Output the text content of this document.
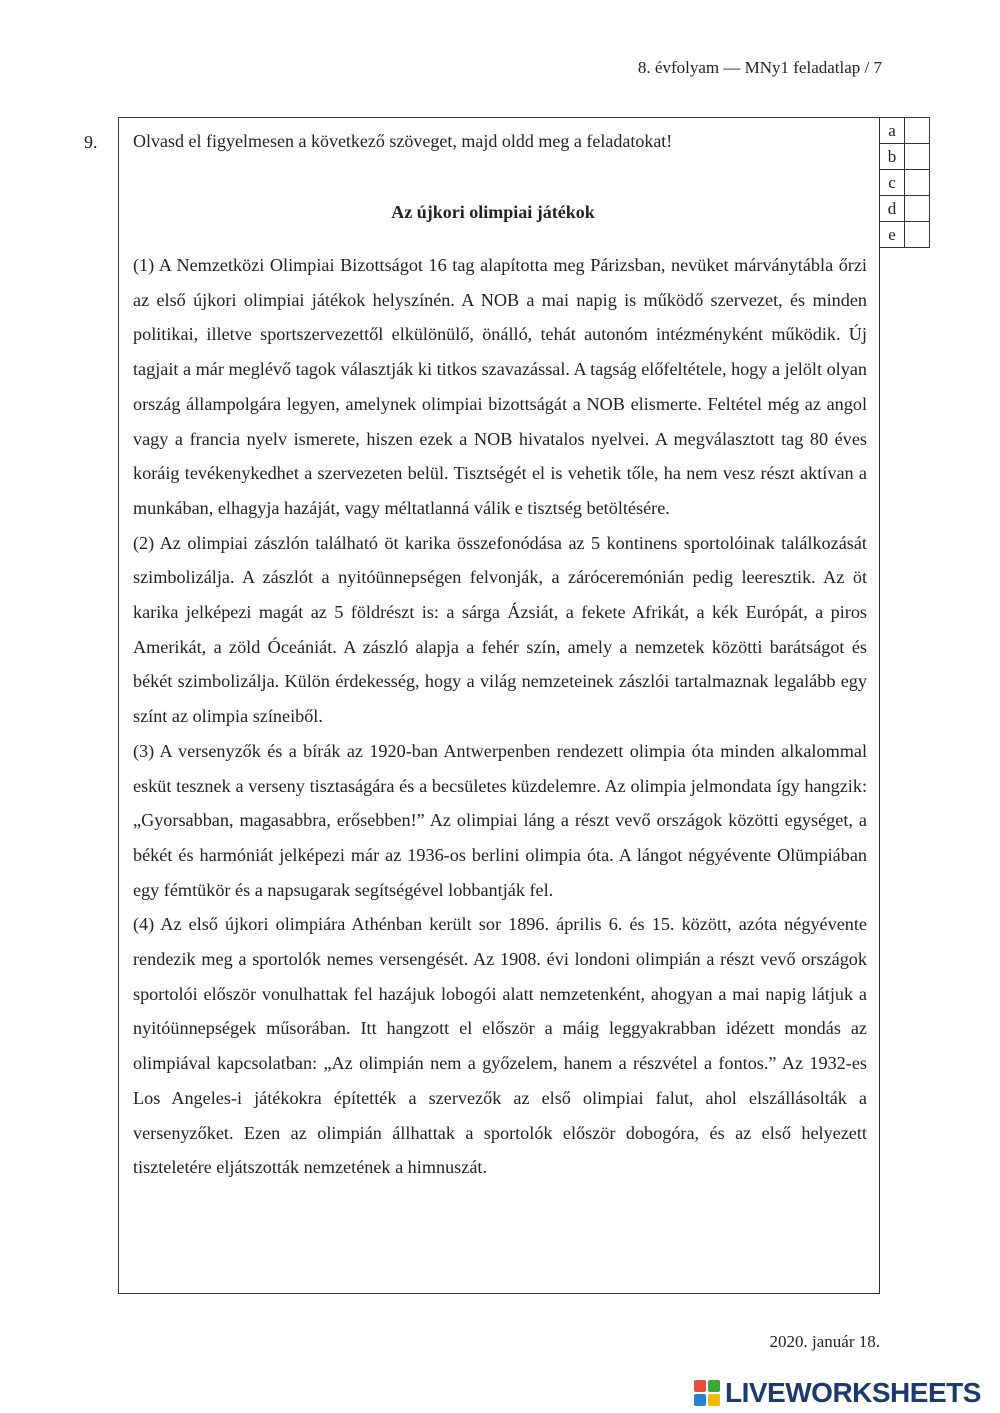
8. évfolyam — MNy1 feladatlap / 7
9. Olvasd el figyelmesen a következő szöveget, majd oldd meg a feladatokat!
Az újkori olimpiai játékok

(1) A Nemzetközi Olimpiai Bizottságot 16 tag alapította meg Párizsban, nevüket márványtábla őrzi az első újkori olimpiai játékok helyszínén. A NOB a mai napig is működő szervezet, és minden politikai, illetve sportszervezettől elkülönülő, önálló, tehát autonóm intézményként működik. Új tagjait a már meglévő tagok választják ki titkos szavazással. A tagság előfeltétele, hogy a jelölt olyan ország állampolgára legyen, amelynek olimpiai bizottságát a NOB elismerte. Feltétel még az angol vagy a francia nyelv ismerete, hiszen ezek a NOB hivatalos nyelvei. A megválasztott tag 80 éves koráig tevékenykedhet a szervezeten belül. Tisztségét el is vehetik tőle, ha nem vesz részt aktívan a munkában, elhagyja hazáját, vagy méltatlanná válik e tisztség betöltésére.

(2) Az olimpiai zászlón található öt karika összefonódása az 5 kontinens sportolóinak találkozását szimbolizálja. A zászlót a nyitóünnepségen felvonják, a záróceremónián pedig leeresztik. Az öt karika jelképezi magát az 5 földrészt is: a sárga Ázsiát, a fekete Afrikát, a kék Európát, a piros Amerikát, a zöld Óceániát. A zászló alapja a fehér szín, amely a nemzetek közötti barátságot és békét szimbolizálja. Külön érdekesség, hogy a világ nemzeteinek zászlói tartalmaznak legalább egy színt az olimpia színeiből.

(3) A versenyzők és a bírák az 1920-ban Antwerpenben rendezett olimpia óta minden alkalommal esküt tesznek a verseny tisztaságára és a becsületes küzdelemre. Az olimpia jelmondata így hangzik: „Gyorsabban, magasabbra, erősebben!” Az olimpiai láng a részt vevő országok közötti egységet, a békét és harmóniát jelképezi már az 1936-os berlini olimpia óta. A lángot négyévente Olümpiában egy fémtükör és a napsugarak segítségével lobbantják fel.

(4) Az első újkori olimpiára Athénban került sor 1896. április 6. és 15. között, azóta négyévente rendezik meg a sportolók nemes versengését. Az 1908. évi londoni olimpián a részt vevő országok sportolói először vonulhattak fel hazájuk lobogói alatt nemzetenként, ahogyan a mai napig látjuk a nyitóünnepségek műsorában. Itt hangzott el először a máig leggyakrabban idézett mondás az olimpiával kapcsolatban: „Az olimpián nem a győzelem, hanem a részvétel a fontos.” Az 1932-es Los Angeles-i játékokra építették a szervezők az első olimpiai falut, ahol elszállásolták a versenyzőket. Ezen az olimpián állhattak a sportolók először dobogóra, és az első helyezett tiszteletére eljátszották nemzetének a himnuszát.

a	
b	
c	
d	
e	
2020. január 18.
LIVEWORKSHEETS
